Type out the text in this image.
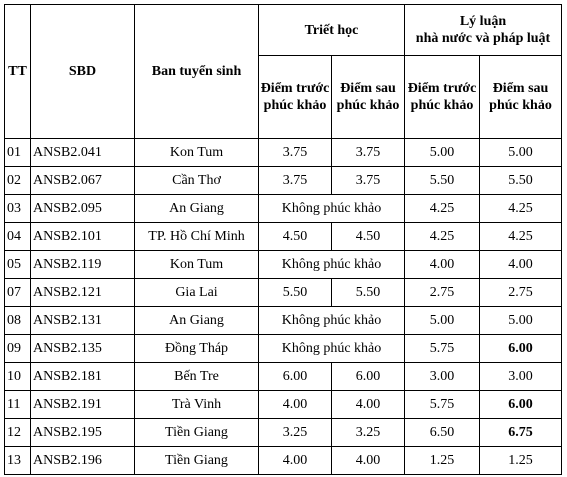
TT	SBD	Ban tuyển sinh	Triết học		Lý luận
nhà nước và pháp luật	

			Điểm trước phúc khảo	Điểm sau phúc khảo	Điểm trước phúc khảo	Điểm sau phúc khảo
01	ANSB2.041	Kon Tum	3.75	3.75	5.00	5.00
02	ANSB2.067	Cần Thơ	3.75	3.75	5.50	5.50
03	ANSB2.095	An Giang	Không phúc khảo		4.25	4.25
04	ANSB2.101	TP. Hồ Chí Minh	4.50	4.50	4.25	4.25
05	ANSB2.119	Kon Tum	Không phúc khảo		4.00	4.00
07	ANSB2.121	Gia Lai	5.50	5.50	2.75	2.75
08	ANSB2.131	An Giang	Không phúc khảo		5.00	5.00
09	ANSB2.135	Đồng Tháp	Không phúc khảo		5.75	6.00
10	ANSB2.181	Bến Tre	6.00	6.00	3.00	3.00
11	ANSB2.191	Trà Vinh	4.00	4.00	5.75	6.00
12	ANSB2.195	Tiền Giang	3.25	3.25	6.50	6.75
13	ANSB2.196	Tiền Giang	4.00	4.00	1.25	1.25
